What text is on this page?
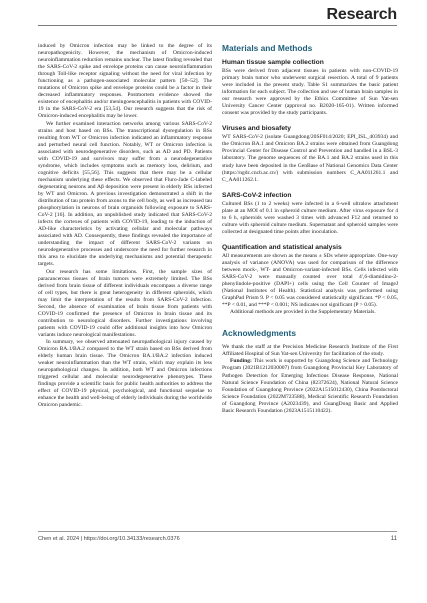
Research

induced by Omicron infection may be linked to the degree of its neuropathogenicity. However, the mechanism of Omicron-induced neuroinflammation reduction remains unclear. The latest finding revealed that the SARS-CoV-2 spike and envelope proteins can cause neuroinflammation through Toll-like receptor signaling without the need for viral infection by functioning as a pathogen-associated molecular pattern [50–52]. The mutations of Omicron spike and envelope proteins could be a factor in their decreased inflammatory responses. Postmortem evidence showed the existence of encephalitis and/or meningoencephalitis in patients with COVID-19 in the SARS-CoV-2 era [53,54]. Our research suggests that the risk of Omicron-induced encephalitis may be lower.

We further examined interaction networks among various SARS-CoV-2 strains and host based on BSs. The transcriptional dysregulation in BSs resulting from WT or Omicron infection indicated an inflammatory response and perturbed neural cell function. Notably, WT or Omicron infection is associated with neurodegenerative disorders, such as AD and PD. Patients with COVID-19 and survivors may suffer from a neurodegenerative syndrome, which includes symptoms such as memory loss, delirium, and cognitive deficits [55,56]. This suggests that there may be a cellular mechanism underlying these effects. We observed that Fluro-Jade C-labeled degenerating neurons and Aβ deposition were present in elderly BSs infected by WT and Omicron. A previous investigation demonstrated a shift in the distribution of tau protein from axons to the cell body, as well as increased tau phosphorylation in neurons of brain organoids following exposure to SARS-CoV-2 [16]. In addition, an unpublished study indicated that SARS-CoV-2 infects the cortexes of patients with COVID-19, leading to the induction of AD-like characteristics by activating cellular and molecular pathways associated with AD. Consequently, these findings revealed the importance of understanding the impact of different SARS-CoV-2 variants on neurodegenerative processes and underscore the need for further research in this area to elucidate the underlying mechanisms and potential therapeutic targets.

Our research has some limitations. First, the sample sizes of paracancerous tissues of brain tumors were extremely limited. The BSs derived from brain tissue of different individuals encompass a diverse range of cell types, but there is great heterogeneity in different spheroids, which may limit the interpretation of the results from SARS-CoV-2 infection. Second, the absence of examination of brain tissue from patients with COVID-19 confirmed the presence of Omicron in brain tissue and its contribution to neurological disorders. Further investigations involving patients with COVID-19 could offer additional insights into how Omicron variants induce neurological manifestations.

In summary, we observed attenuated neuropathological injury caused by Omicron BA.1/BA.2 compared to the WT strain based on BSs derived from elderly human brain tissue. The Omicron BA.1/BA.2 infection induced weaker neuroinflammation than the WT strain, which may explain its less neuropathological changes. In addition, both WT and Omicron infections triggered cellular and molecular neurodegenerative phenotypes. These findings provide a scientific basis for public health authorities to address the effect of COVID-19 physical, psychological, and functional sequelae to enhance the health and well-being of elderly individuals during the worldwide Omicron pandemic.

Materials and Methods
Human tissue sample collection

BSs were derived from adjacent tissues in patients with non-COVID-19 primary brain tumor who underwent surgical resection. A total of 9 patients were included in the present study. Table S1 summarizes the basic patient information for each subject. The collection and use of human brain samples in our research were approved by the Ethics Committee of Sun Yat-sen University Cancer Center (approval no. B2020-165-01). Written informed consent was provided by the study participants.

Viruses and biosafety

WT SARS-CoV-2 (isolate Guangdong/20SF014/2020; EPI_ISL_403934) and the Omicron BA.1 and Omicron BA.2 strains were obtained from Guangdong Provincial Center for Disease Control and Prevention and handled in a BSL-3 laboratory. The genome sequences of the BA.1 and BA.2 strains used in this study have been deposited in the GenBase of National Genomics Data Center (https://ngdc.cncb.ac.cn/) with submission numbers C_AA011261.1 and C_AA011262.1.

SARS-CoV-2 infection

Cultured BSs (1 to 2 weeks) were infected in a 6-well ultralow attachment plate at an MOI of 0.1 in spheroid culture medium. After virus exposure for 4 to 6 h, spheroids were washed 3 times with advanced F12 and returned to culture with spheroid culture medium. Supernatant and spheroid samples were collected at designated time points after inoculation.

Quantification and statistical analysis

All measurements are shown as the means ± SDs where appropriate. One-way analysis of variance (ANOVA) was used for comparison of the difference between mock-, WT- and Omicron-variant-infected BSs. Cells infected with SARS-CoV-2 were manually counted over total 4′,6-diamidino-2-phenylindole-positive (DAPI+) cells using the Cell Counter of ImageJ (National Institutes of Health). Statistical analysis was performed using GraphPad Prism 9. P < 0.05 was considered statistically significant. *P < 0.05, **P < 0.01, and ***P < 0.001; NS indicates not significant (P > 0.05).

Additional methods are provided in the Supplementary Materials.

Acknowledgments

We thank the staff at the Precision Medicine Research Institute of the First Affiliated Hospital of Sun Yat-sen University for facilitation of the study.

Funding: This work is supported by Guangdong Science and Technology Program (2021B1212030007) from Guangdong Provincial Key Laboratory of Pathogen Detection for Emerging Infectious Disease Response, National Natural Science Foundation of China (82372624), National Natural Science Foundation of Guangdong Province (2022A1515012430), China Postdoctoral Science Foundation (2022M723588), Medical Scientific Research Foundation of Guangdong Province (A2023439), and GuangDong Basic and Applied Basic Research Foundation (2023A1515110422).

Chen et al. 2024 | https://doi.org/10.34133/research.0376	11
